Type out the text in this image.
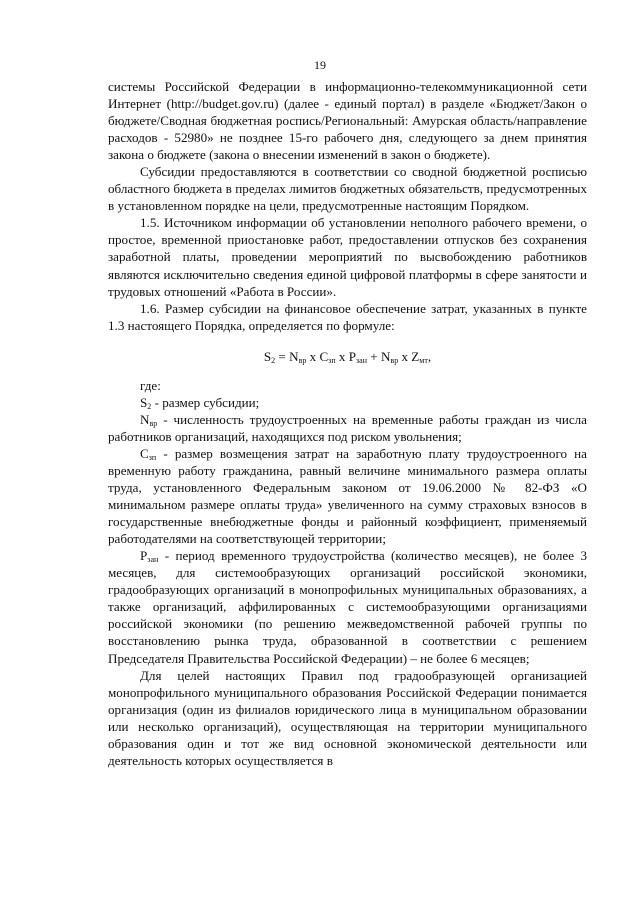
19

системы Российской Федерации в информационно-телекоммуникационной сети Интернет (http://budget.gov.ru) (далее - единый портал) в разделе «Бюджет/Закон о бюджете/Сводная бюджетная роспись/Региональный: Амурская область/направление расходов - 52980» не позднее 15-го рабочего дня, следующего за днем принятия закона о бюджете (закона о внесении изменений в закон о бюджете).

Субсидии предоставляются в соответствии со сводной бюджетной росписью областного бюджета в пределах лимитов бюджетных обязательств, предусмотренных в установленном порядке на цели, предусмотренные настоящим Порядком.

1.5. Источником информации об установлении неполного рабочего времени, о простое, временной приостановке работ, предоставлении отпусков без сохранения заработной платы, проведении мероприятий по высвобождению работников являются исключительно сведения единой цифровой платформы в сфере занятости и трудовых отношений «Работа в России».

1.6. Размер субсидии на финансовое обеспечение затрат, указанных в пункте 1.3 настоящего Порядка, определяется по формуле:

$S_2 = N_{вр}$ x $C_{зп}$ x $P_{зан} + N_{вр}$ x $Z_{мт}$,

где:

$S_2$ - размер субсидии;

$N_{вр}$ - численность трудоустроенных на временные работы граждан из числа работников организаций, находящихся под риском увольнения;

$C_{зп}$ - размер возмещения затрат на заработную плату трудоустроенного на временную работу гражданина, равный величине минимального размера оплаты труда, установленного Федеральным законом от 19.06.2000 № 82-ФЗ «О минимальном размере оплаты труда» увеличенного на сумму страховых взносов в государственные внебюджетные фонды и районный коэффициент, применяемый работодателями на соответствующей территории;

$P_{зан}$ - период временного трудоустройства (количество месяцев), не более 3 месяцев, для системообразующих организаций российской экономики, градообразующих организаций в монопрофильных муниципальных образованиях, а также организаций, аффилированных с системообразующими организациями российской экономики (по решению межведомственной рабочей группы по восстановлению рынка труда, образованной в соответствии с решением Председателя Правительства Российской Федерации) – не более 6 месяцев;

Для целей настоящих Правил под градообразующей организацией монопрофильного муниципального образования Российской Федерации понимается организация (один из филиалов юридического лица в муниципальном образовании или несколько организаций), осуществляющая на территории муниципального образования один и тот же вид основной экономической деятельности или деятельность которых осуществляется в
